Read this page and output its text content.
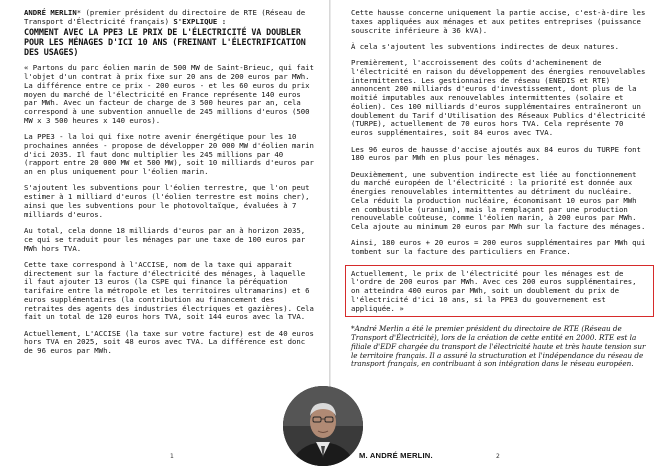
ANDRÉ MERLIN* (premier président du directoire de RTE (Réseau de Transport d'Électricité français) S'EXPLIQUE :
COMMENT AVEC LA PPE3 LE PRIX DE L'ÉLECTRICITÉ VA DOUBLER POUR LES MÉNAGES D'ICI 10 ANS (FREINANT L'ÉLECTRIFICATION DES USAGES)

« Partons du parc éolien marin de 500 MW de Saint-Brieuc, qui fait l'objet d'un contrat à prix fixe sur 20 ans de 200 euros par MWh. La différence entre ce prix - 200 euros - et les 60 euros du prix moyen du marché de l'électricité en France représente 140 euros par MWh. Avec un facteur de charge de 3 500 heures par an, cela correspond à une subvention annuelle de 245 millions d'euros (500 MW x 3 500 heures x 140 euros).

La PPE3 - la loi qui fixe notre avenir énergétique pour les 10 prochaines années - propose de développer 20 000 MW d'éolien marin d'ici 2035. Il faut donc multiplier les 245 millions par 40 (rapport entre 20 000 MW et 500 MW), soit 10 milliards d'euros par an en plus uniquement pour l'éolien marin.

S'ajoutent les subventions pour l'éolien terrestre, que l'on peut estimer à 1 milliard d'euros (l'éolien terrestre est moins cher), ainsi que les subventions pour le photovoltaïque, évaluées à 7 milliards d'euros.

Au total, cela donne 18 milliards d'euros par an à horizon 2035, ce qui se traduit pour les ménages par une taxe de 100 euros par MWh hors TVA.

Cette taxe correspond à l'ACCISE, nom de la taxe qui apparait directement sur la facture d'électricité des ménages, à laquelle il faut ajouter 13 euros (la CSPE qui finance la péréquation tarifaire entre la métropole et les territoires ultramarins) et 6 euros supplémentaires (la contribution au financement des retraites des agents des industries électriques et gazières). Cela fait un total de 120 euros hors TVA, soit 144 euros avec la TVA.

Actuellement, L'ACCISE (la taxe sur votre facture) est de 40 euros hors TVA en 2025, soit 48 euros avec TVA. La différence est donc de 96 euros par MWh.

1

Cette hausse concerne uniquement la partie accise, c'est-à-dire les taxes appliquées aux ménages et aux petites entreprises (puissance souscrite inférieure à 36 kVA).

À cela s'ajoutent les subventions indirectes de deux natures.

Premièrement, l'accroissement des coûts d'acheminement de l'électricité en raison du développement des énergies renouvelables intermittentes. Les gestionnaires de réseau (ENEDIS et RTE) annoncent 200 milliards d'euros d'investissement, dont plus de la moitié imputables aux renouvelables intermittentes (solaire et éolien). Ces 100 milliards d'euros supplémentaires entraîneront un doublement du Tarif d'Utilisation des Réseaux Publics d'électricité (TURPE), actuellement de 70 euros hors TVA. Cela représente 70 euros supplémentaires, soit 84 euros avec TVA.

Les 96 euros de hausse d'accise ajoutés aux 84 euros du TURPE font 180 euros par MWh en plus pour les ménages.

Deuxièmement, une subvention indirecte est liée au fonctionnement du marché européen de l'électricité : la priorité est donnée aux énergies renouvelables intermittentes au détriment du nucléaire. Cela réduit la production nucléaire, économisant 10 euros par MWh en combustible (uranium), mais la remplaçant par une production renouvelable coûteuse, comme l'éolien marin, à 200 euros par MWh. Cela ajoute au minimum 20 euros par MWh sur la facture des ménages.

Ainsi, 180 euros + 20 euros = 200 euros supplémentaires par MWh qui tombent sur la facture des particuliers en France.

Actuellement, le prix de l'électricité pour les ménages est de l'ordre de 200 euros par MWh. Avec ces 200 euros supplémentaires, on atteindra 400 euros par MWh, soit un doublement du prix de l'électricité d'ici 10 ans, si la PPE3 du gouvernement est appliquée. »

*André Merlin a été le premier président du directoire de RTE (Réseau de Transport d'Électricité), lors de la création de cette entité en 2000. RTE est la filiale d'EDF chargée du transport de l'électricité haute et très haute tension sur le territoire français. Il a assuré la structuration et l'indépendance du réseau de transport français, en contribuant à son intégration dans le réseau européen.

2
M. ANDRÉ MERLIN.
